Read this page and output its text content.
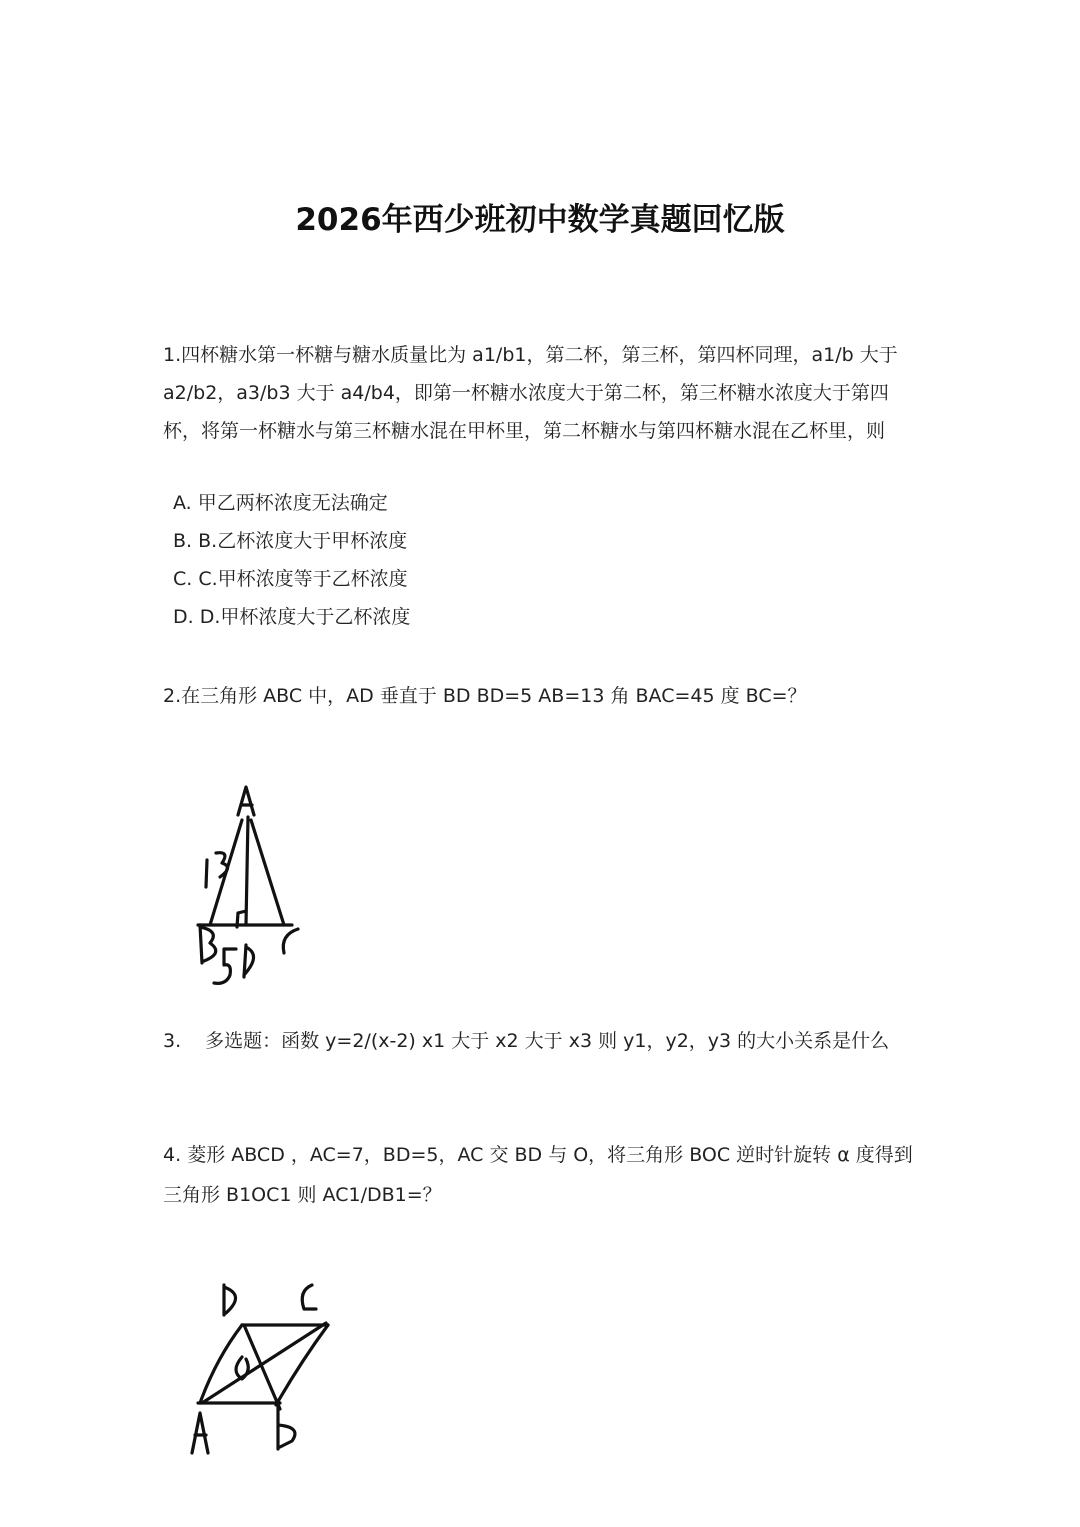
2026年西少班初中数学真题回忆版
1.四杯糖水第一杯糖与糖水质量比为 a1/b1，第二杯，第三杯，第四杯同理，a1/b 大于 a2/b2，a3/b3 大于 a4/b4，即第一杯糖水浓度大于第二杯，第三杯糖水浓度大于第四杯，将第一杯糖水与第三杯糖水混在甲杯里，第二杯糖水与第四杯糖水混在乙杯里，则
A. 甲乙两杯浓度无法确定
B. B.乙杯浓度大于甲杯浓度
C. C.甲杯浓度等于乙杯浓度
D. D.甲杯浓度大于乙杯浓度
2.在三角形 ABC 中，AD 垂直于 BD BD=5 AB=13 角 BAC=45 度 BC=？
3. 多选题：函数 y=2/(x-2) x1 大于 x2 大于 x3 则 y1，y2，y3 的大小关系是什么
4. 菱形 ABCD ，AC=7，BD=5，AC 交 BD 与 O，将三角形 BOC 逆时针旋转 α 度得到三角形 B1OC1 则 AC1/DB1=？
